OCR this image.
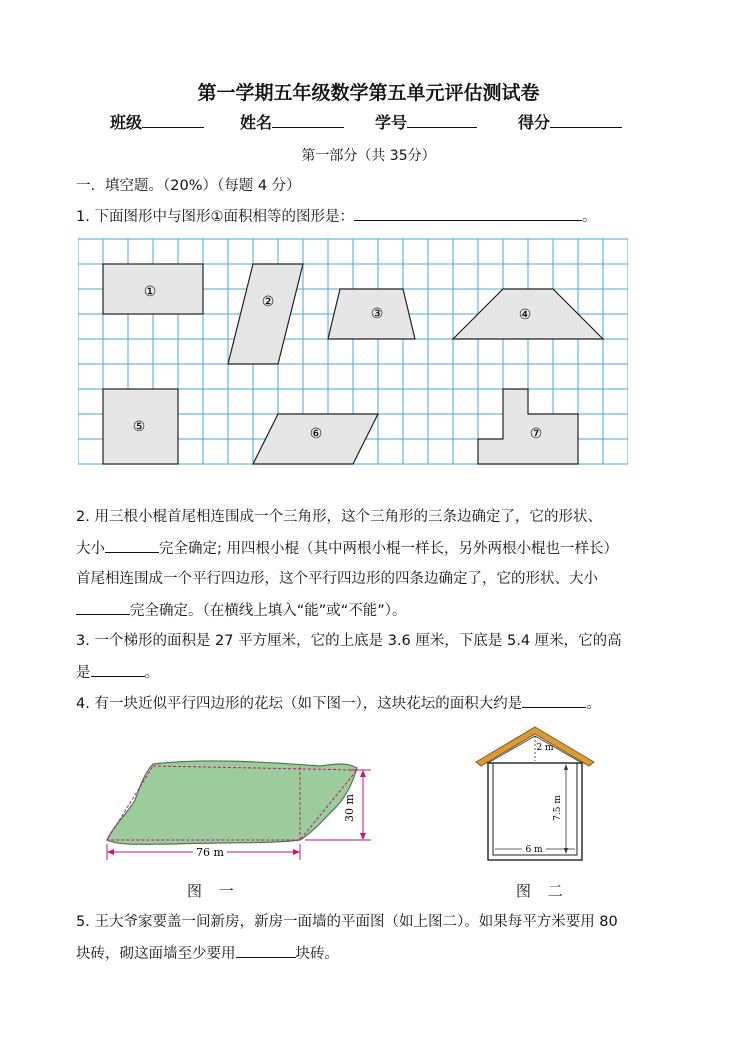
第一学期五年级数学第五单元评估测试卷
班级	姓名	学号	得分
第一部分（共 35分）
一．填空题。（20%）（每题 4 分）
1. 下面图形中与图形①面积相等的图形是：	。
①
②
③	④
⑤	⑥	⑦
2. 用三根小棍首尾相连围成一个三角形，这个三角形的三条边确定了，它的形状、
大小	完全确定; 用四根小棍（其中两根小棍一样长，另外两根小棍也一样长）
首尾相连围成一个平行四边形，这个平行四边形的四条边确定了，它的形状、大小
完全确定。（在横线上填入“能”或“不能”）。
3. 一个梯形的面积是 27 平方厘米，它的上底是 3.6 厘米，下底是 5.4 厘米，它的高
是	。
4. 有一块近似平行四边形的花坛（如下图一），这块花坛的面积大约是	。
30 m
76 m
2 m
7.5 m
6 m
图 一	图 二
5. 王大爷家要盖一间新房，新房一面墙的平面图（如上图二）。如果每平方米要用 80
块砖，砌这面墙至少要用	块砖。
